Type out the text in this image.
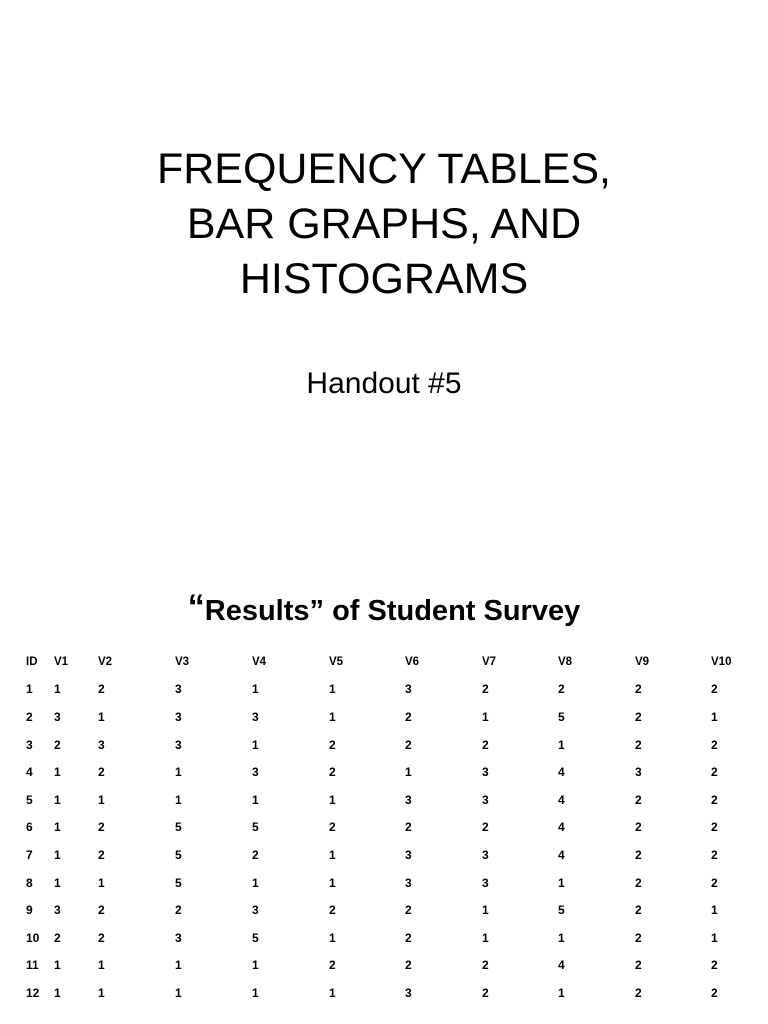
FREQUENCY TABLES,
BAR GRAPHS, AND
HISTOGRAMS

Handout #5

“Results” of Student Survey
ID	V1	V2	V3	V4	V5	V6	V7	V8	V9	V10
1	1	2	3	1	1	3	2	2	2	2
2	3	1	3	3	1	2	1	5	2	1
3	2	3	3	1	2	2	2	1	2	2
4	1	2	1	3	2	1	3	4	3	2
5	1	1	1	1	1	3	3	4	2	2
6	1	2	5	5	2	2	2	4	2	2
7	1	2	5	2	1	3	3	4	2	2
8	1	1	5	1	1	3	3	1	2	2
9	3	2	2	3	2	2	1	5	2	1
10	2	2	3	5	1	2	1	1	2	1
11	1	1	1	1	2	2	2	4	2	2
12	1	1	1	1	1	3	2	1	2	2
